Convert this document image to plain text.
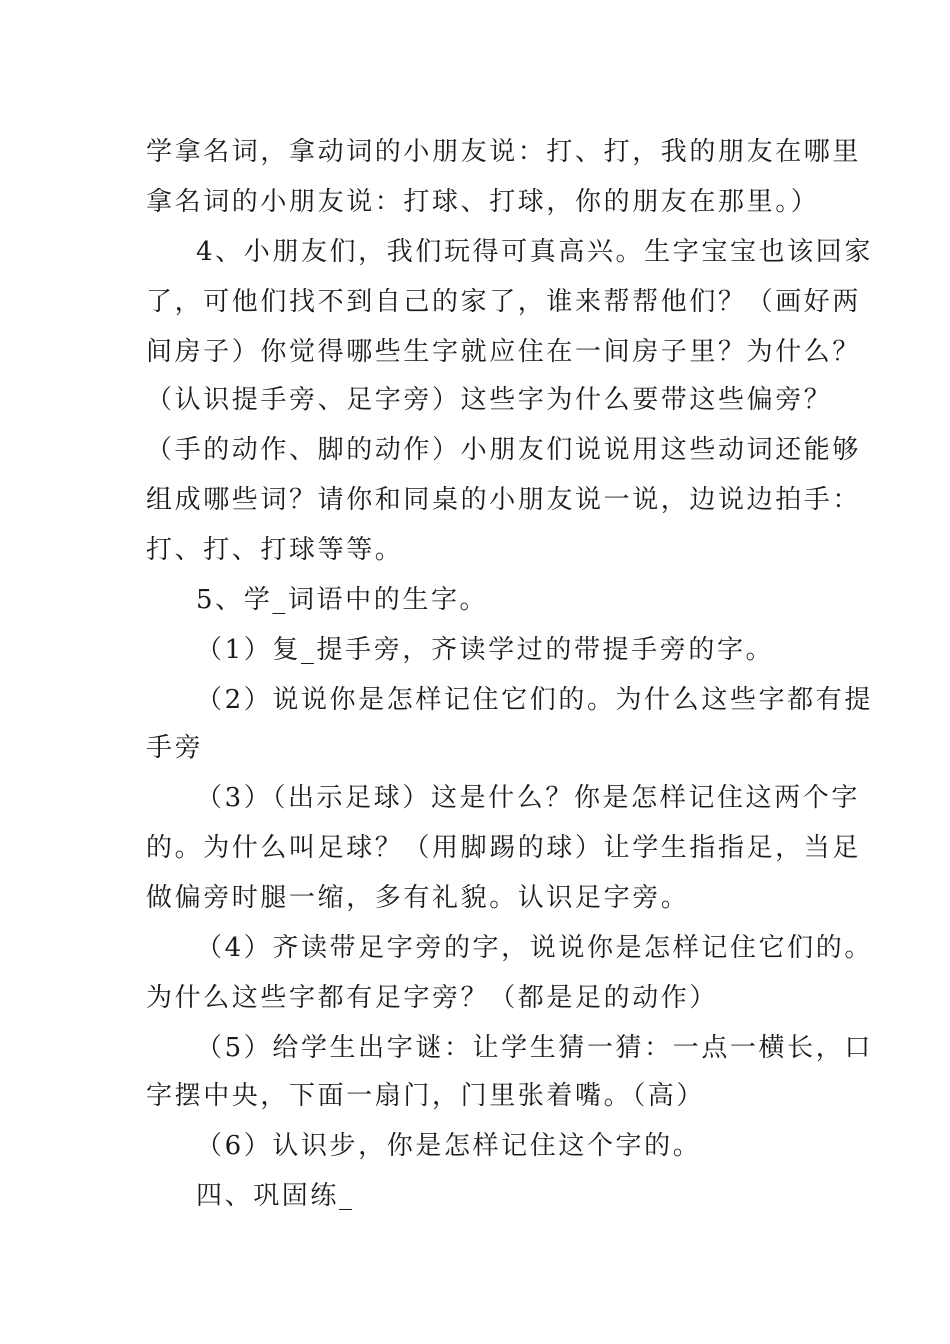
学拿名词，拿动词的小朋友说：打、打，我的朋友在哪里
拿名词的小朋友说：打球、打球，你的朋友在那里。）
4、小朋友们，我们玩得可真高兴。生字宝宝也该回家
了，可他们找不到自己的家了，谁来帮帮他们？（画好两
间房子）你觉得哪些生字就应住在一间房子里？为什么？
（认识提手旁、足字旁）这些字为什么要带这些偏旁？
（手的动作、脚的动作）小朋友们说说用这些动词还能够
组成哪些词？请你和同桌的小朋友说一说，边说边拍手：
打、打、打球等等。
5、学_词语中的生字。
（1）复_提手旁，齐读学过的带提手旁的字。
（2）说说你是怎样记住它们的。为什么这些字都有提
手旁
（3）（出示足球）这是什么？你是怎样记住这两个字
的。为什么叫足球？（用脚踢的球）让学生指指足，当足
做偏旁时腿一缩，多有礼貌。认识足字旁。
（4）齐读带足字旁的字，说说你是怎样记住它们的。
为什么这些字都有足字旁？（都是足的动作）
（5）给学生出字谜：让学生猜一猜：一点一横长，口
字摆中央，下面一扇门，门里张着嘴。（高）
（6）认识步，你是怎样记住这个字的。
四、巩固练_
